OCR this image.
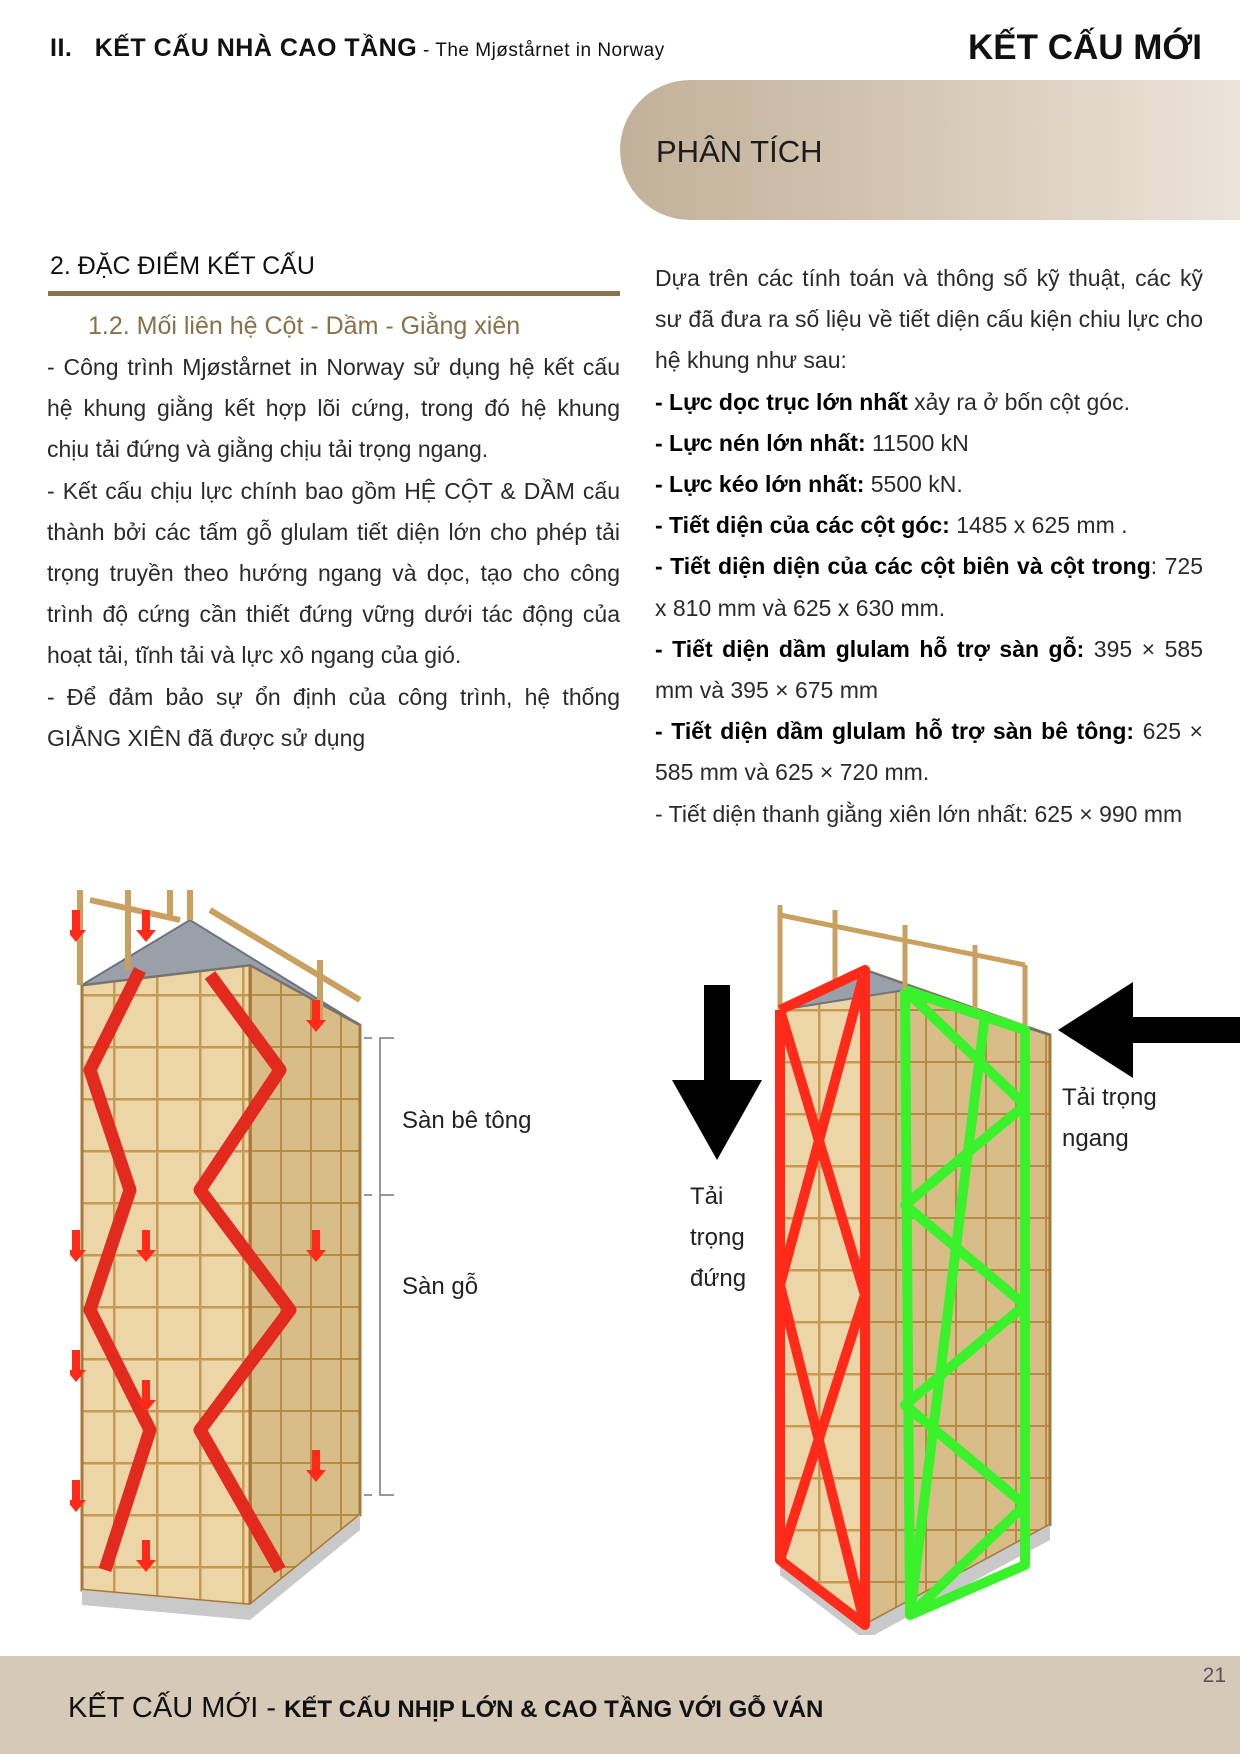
II. KẾT CẤU NHÀ CAO TẦNG - The Mjøstårnet in Norway	KẾT CẤU MỚI
PHÂN TÍCH
2. ĐẶC ĐIỂM KẾT CẤU
1.2. Mối liên hệ Cột - Dầm - Giằng xiên

- Công trình Mjøstårnet in Norway sử dụng hệ kết cấu hệ khung giằng kết hợp lõi cứng, trong đó hệ khung chịu tải đứng và giằng chịu tải trọng ngang.

- Kết cấu chịu lực chính bao gồm HỆ CỘT & DẦM cấu thành bởi các tấm gỗ glulam tiết diện lớn cho phép tải trọng truyền theo hướng ngang và dọc, tạo cho công trình độ cứng cần thiết đứng vững dưới tác động của hoạt tải, tĩnh tải và lực xô ngang của gió.

- Để đảm bảo sự ổn định của công trình, hệ thống GIẰNG XIÊN đã được sử dụng

Dựa trên các tính toán và thông số kỹ thuật, các kỹ sư đã đưa ra số liệu về tiết diện cấu kiện chiu lực cho hệ khung như sau:

- Lực dọc trục lớn nhất xảy ra ở bốn cột góc.

- Lực nén lớn nhất: 11500 kN

- Lực kéo lớn nhất: 5500 kN.

- Tiết diện của các cột góc: 1485 x 625 mm .

- Tiết diện diện của các cột biên và cột trong: 725 x 810 mm và 625 x 630 mm.

- Tiết diện dầm glulam hỗ trợ sàn gỗ: 395 × 585 mm và 395 × 675 mm

- Tiết diện dầm glulam hỗ trợ sàn bê tông: 625 × 585 mm và 625 × 720 mm.

- Tiết diện thanh giằng xiên lớn nhất: 625 × 990 mm

Sàn bê tông
Sàn gỗ
Tải
trọng
đứng
Tải trọng
ngang
21
KẾT CẤU MỚI - KẾT CẤU NHỊP LỚN & CAO TẦNG VỚI GỖ VÁN
